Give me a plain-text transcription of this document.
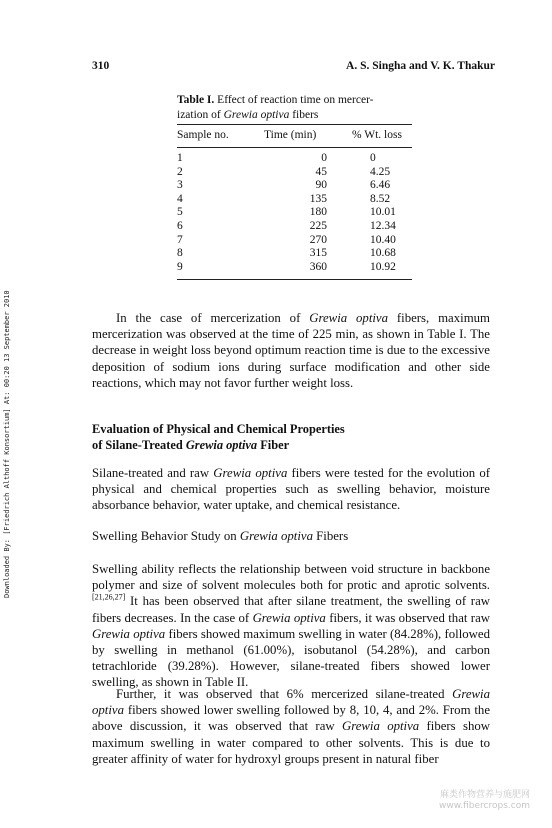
310	A. S. Singha and V. K. Thakur
Downloaded By: [Friedrich Althoff Konsortium] At: 00:20 13 September 2010
Table I. Effect of reaction time on mercer-
ization of Grewia optiva fibers
Sample no.	Time (min)	% Wt. loss
1	0	0
2	45	4.25
3	90	6.46
4	135	8.52
5	180	10.01
6	225	12.34
7	270	10.40
8	315	10.68
9	360	10.92
In the case of mercerization of Grewia optiva fibers, maximum mercerization was observed at the time of 225 min, as shown in Table I. The decrease in weight loss beyond optimum reaction time is due to the excessive deposition of sodium ions during surface modification and other side reactions, which may not favor further weight loss.
Evaluation of Physical and Chemical Properties
of Silane-Treated Grewia optiva Fiber
Silane-treated and raw Grewia optiva fibers were tested for the evolution of physical and chemical properties such as swelling behavior, moisture absorbance behavior, water uptake, and chemical resistance.
Swelling Behavior Study on Grewia optiva Fibers
Swelling ability reflects the relationship between void structure in backbone polymer and size of solvent molecules both for protic and aprotic solvents.[21,26,27] It has been observed that after silane treatment, the swelling of raw fibers decreases. In the case of Grewia optiva fibers, it was observed that raw Grewia optiva fibers showed maximum swelling in water (84.28%), followed by swelling in methanol (61.00%), isobutanol (54.28%), and carbon tetrachloride (39.28%). However, silane-treated fibers showed lower swelling, as shown in Table II.
Further, it was observed that 6% mercerized silane-treated Grewia optiva fibers showed lower swelling followed by 8, 10, 4, and 2%. From the above discussion, it was observed that raw Grewia optiva fibers show maximum swelling in water compared to other solvents. This is due to greater affinity of water for hydroxyl groups present in natural fiber
麻类作物营养与施肥网
www.fibercrops.com
